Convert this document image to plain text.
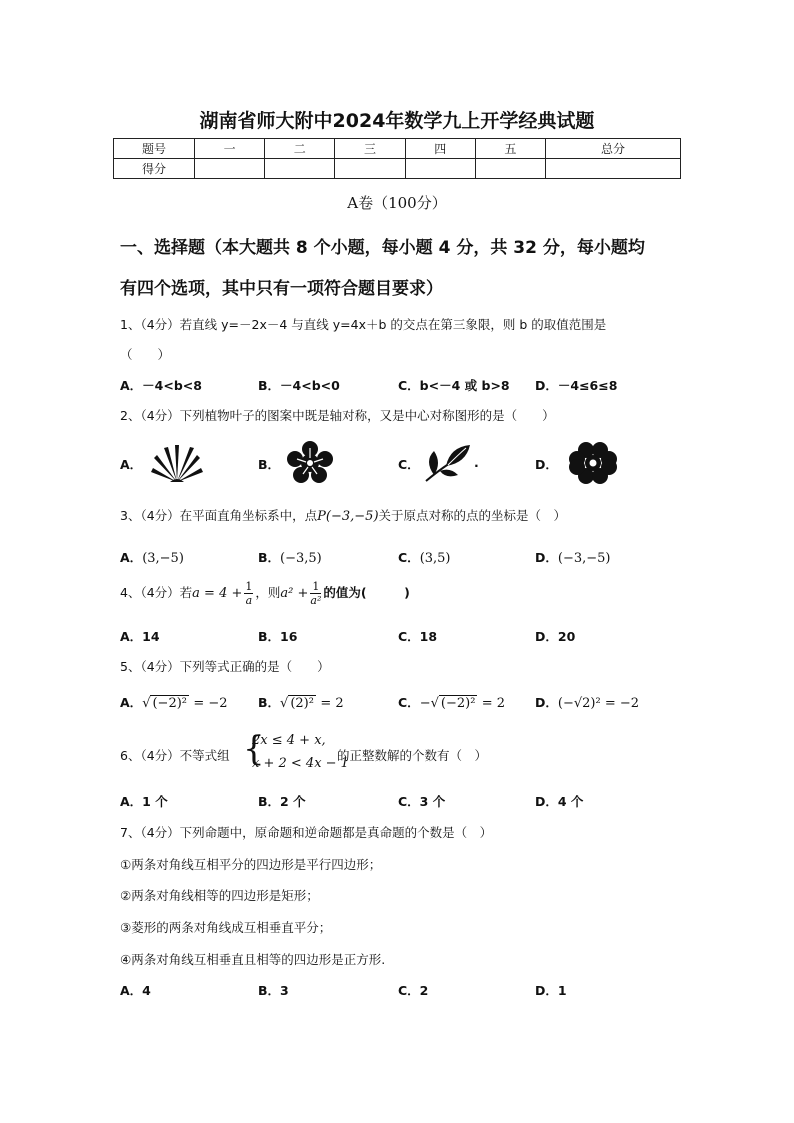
湖南省师大附中2024年数学九上开学经典试题
题号	一	二	三	四	五	总分
得分						
A卷（100分）
一、选择题（本大题共 8 个小题，每小题 4 分，共 32 分，每小题均
有四个选项，其中只有一项符合题目要求）
1、（4分）若直线 y=－2x－4 与直线 y=4x＋b 的交点在第三象限，则 b 的取值范围是
（　　）
A．－4<b<8	B．－4<b<0	C．b<－4 或 b>8 D．－4≤6≤8
2、（4分）下列植物叶子的图案中既是轴对称，又是中心对称图形的是（　　）
A．	B．	C．	.	D．
3、（4分）在平面直角坐标系中，点P(−3,−5)关于原点对称的点的坐标是（　）
A．(3,−5)	B．(−3,5)	C．(3,5)	D．(−3,−5)
4、（4分）若$a = 4 + \frac{1}{a}$ ，则$a^2 + \frac{1}{\text{a²}}$ 的值为(　　　)
A．14	B．16	C．18	D．20
5、（4分）下列等式正确的是（　　）
A．√ (−2)² = −2 B．√ (2)² = 2	C．−√ (−2)² = 2 D．(−√2)² = −2
6、（4分）不等式组 {
2x ≤ 4 + x,
x + 2 < 4x − 1
的正整数解的个数有（　）
A．1 个	B．2 个	C．3 个	D．4 个
7、（4分）下列命题中，原命题和逆命题都是真命题的个数是（　）
①两条对角线互相平分的四边形是平行四边形；
②两条对角线相等的四边形是矩形；
③菱形的两条对角线成互相垂直平分；
④两条对角线互相垂直且相等的四边形是正方形.
A．4	B．3	C．2	D．1
